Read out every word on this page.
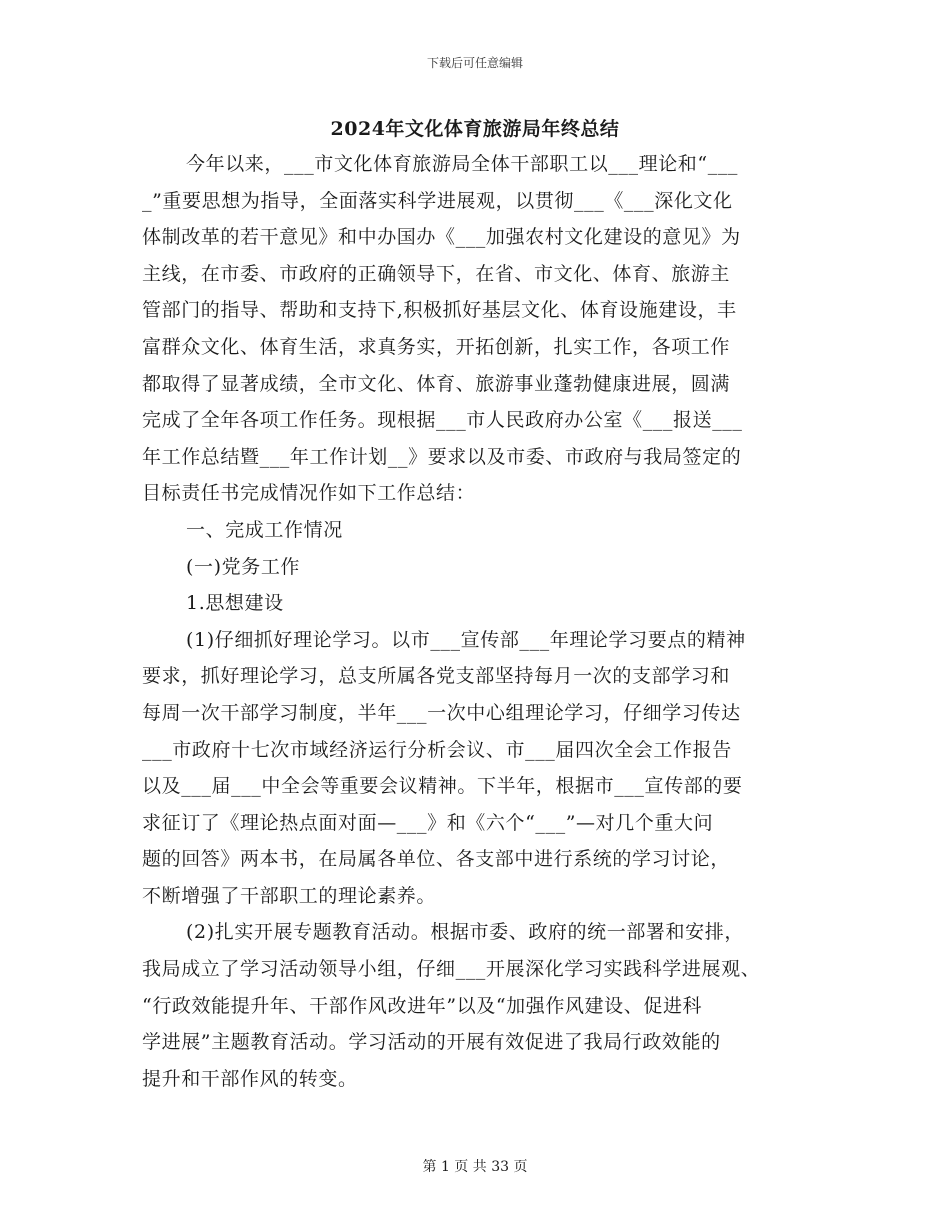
下载后可任意编辑
2024年文化体育旅游局年终总结
今年以来，___市文化体育旅游局全体干部职工以___理论和“___
_”重要思想为指导，全面落实科学进展观，以贯彻___《___深化文化
体制改革的若干意见》和中办国办《___加强农村文化建设的意见》为
主线，在市委、市政府的正确领导下，在省、市文化、体育、旅游主
管部门的指导、帮助和支持下,积极抓好基层文化、体育设施建设，丰
富群众文化、体育生活，求真务实，开拓创新，扎实工作，各项工作
都取得了显著成绩，全市文化、体育、旅游事业蓬勃健康进展，圆满
完成了全年各项工作任务。现根据___市人民政府办公室《___报送___
年工作总结暨___年工作计划__》要求以及市委、市政府与我局签定的
目标责任书完成情况作如下工作总结：
一、完成工作情况
(一)党务工作
1.思想建设
(1)仔细抓好理论学习。以市___宣传部___年理论学习要点的精神
要求，抓好理论学习，总支所属各党支部坚持每月一次的支部学习和
每周一次干部学习制度，半年___一次中心组理论学习，仔细学习传达
___市政府十七次市域经济运行分析会议、市___届四次全会工作报告
以及___届___中全会等重要会议精神。下半年，根据市___宣传部的要
求征订了《理论热点面对面—___》和《六个“___”—对几个重大问
题的回答》两本书，在局属各单位、各支部中进行系统的学习讨论，
不断增强了干部职工的理论素养。
(2)扎实开展专题教育活动。根据市委、政府的统一部署和安排，
我局成立了学习活动领导小组，仔细___开展深化学习实践科学进展观、
“行政效能提升年、干部作风改进年”以及“加强作风建设、促进科
学进展”主题教育活动。学习活动的开展有效促进了我局行政效能的
提升和干部作风的转变。
第 1 页 共 33 页
